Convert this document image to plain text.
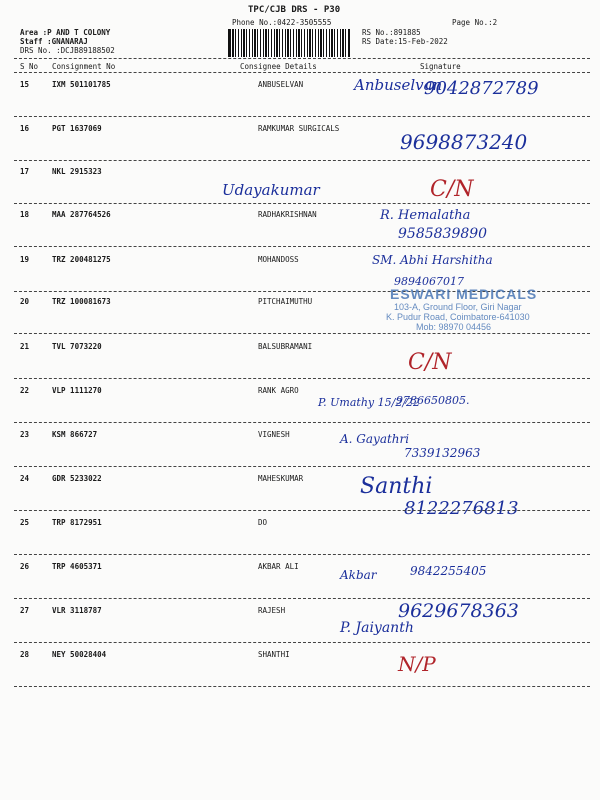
TPC/CJB DRS - P30
Phone No.:0422-3505555	Page No.:2
Area :P AND T COLONY
Staff :GNANARAJ
DRS No. :DCJB89188502
RS No.:891885
RS Date:15-Feb-2022
S No Consignment No	Consignee Details	Signature
15	IXM 501101785	ANBUSELVAN	Anbuselvan
9042872789
16	PGT 1637069	RAMKUMAR SURGICALS
9698873240
17	NKL 2915323
Udayakumar	C/N
18	MAA 287764526	RADHAKRISHNAN	R. Hemalatha
9585839890
19	TRZ 200481275	MOHANDOSS	SM. Abhi Harshitha
20	TRZ 100081673	PITCHAIMUTHU
9894067017
21	TVL 7073220	BALSUBRAMANI
C/N
22	VLP 1111270	RANK AGRO
P. Umathy 15/2/22
9786650805.
23	KSM 866727	VIGNESH	A. Gayathri
7339132963
24	GDR 5233022	MAHESKUMAR	Santhi
8122276813
25	TRP 8172951	DO
26	TRP 4605371	AKBAR ALI
Akbar	9842255405
27	VLR 3118787	RAJESH
P. Jaiyanth
9629678363
28	NEY 50028404	SHANTHI	N/P
ESWARI MEDICALS
103-A, Ground Floor, Giri Nagar
K. Pudur Road, Coimbatore-641030
Mob: 98970 04456
